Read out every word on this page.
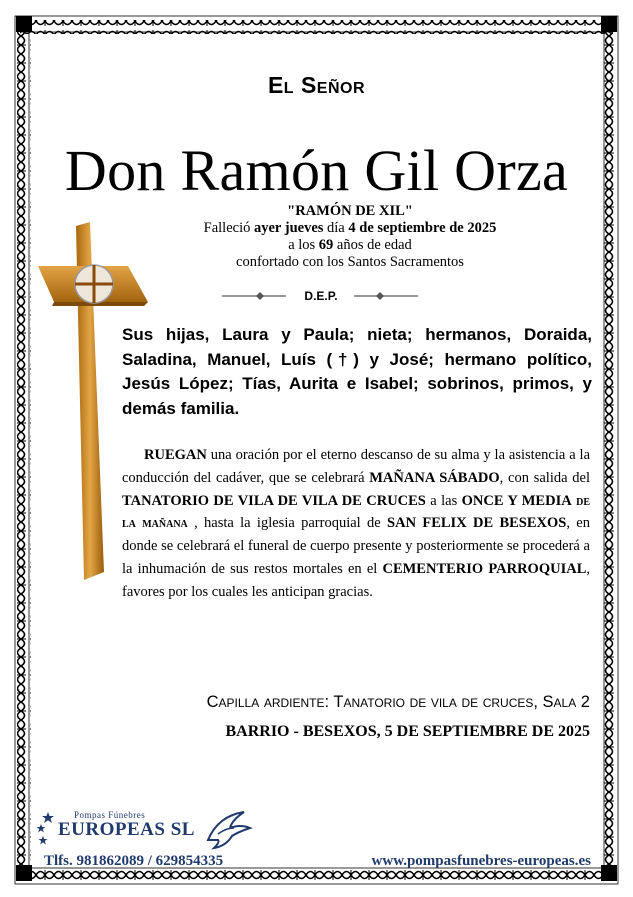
El Señor
Don Ramón Gil Orza
"RAMÓN DE XIL"
Falleció ayer jueves día 4 de septiembre de 2025
a los 69 años de edad
confortado con los Santos Sacramentos
D.E.P.
Sus hijas, Laura y Paula; nieta; hermanos, Doraida, Saladina, Manuel, Luís (†) y José; hermano político, Jesús López; Tías, Aurita e Isabel; sobrinos, primos, y demás familia.
RUEGAN una oración por el eterno descanso de su alma y la asistencia a la conducción del cadáver, que se celebrará MAÑANA SÁBADO, con salida del TANATORIO DE VILA DE VILA DE CRUCES a las ONCE Y MEDIA de la mañana , hasta la iglesia parroquial de SAN FELIX DE BESEXOS, en donde se celebrará el funeral de cuerpo presente y posteriormente se procederá a la inhumación de sus restos mortales en el CEMENTERIO PARROQUIAL, favores por los cuales les anticipan gracias.
Capilla ardiente: Tanatorio de vila de cruces, Sala 2
BARRIO - BESEXOS, 5 DE SEPTIEMBRE DE 2025
Pompas Fúnebres
EUROPEAS SL
Tlfs. 981862089 / 629854335	www.pompasfunebres-europeas.es
